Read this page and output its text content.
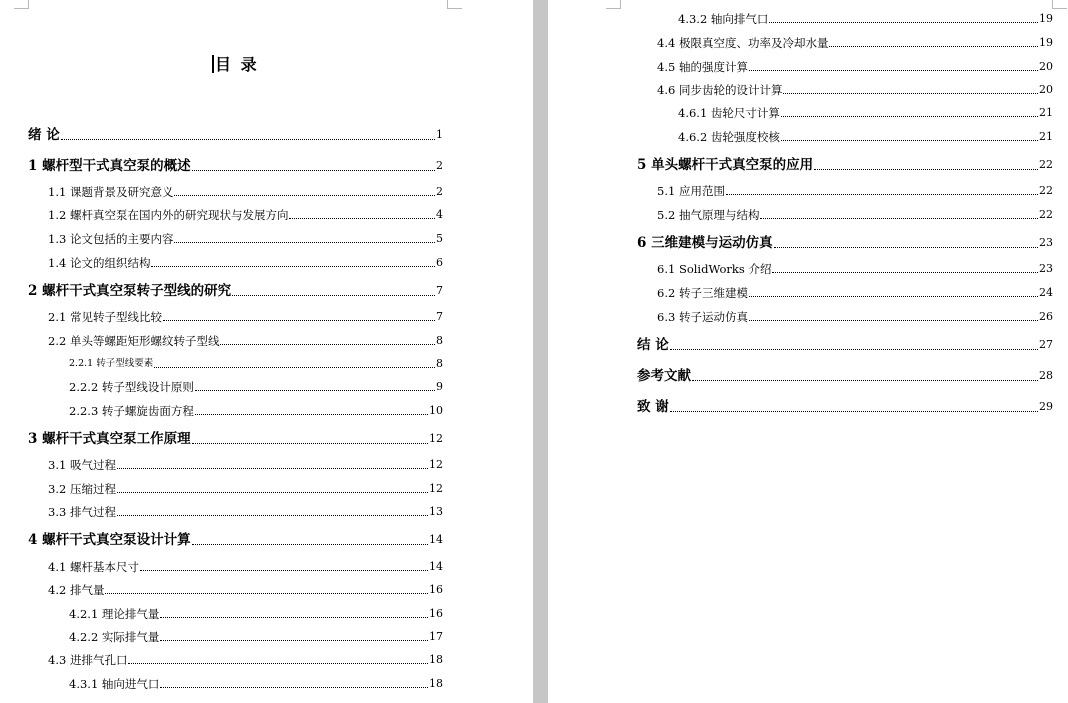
目 录
绪 论	1
1 螺杆型干式真空泵的概述	2
1.1 课题背景及研究意义	2
1.2 螺杆真空泵在国内外的研究现状与发展方向	4
1.3 论文包括的主要内容	5
1.4 论文的组织结构	6
2 螺杆干式真空泵转子型线的研究	7
2.1 常见转子型线比较	7
2.2 单头等螺距矩形螺纹转子型线	8
2.2.1 转子型线要素	8
2.2.2 转子型线设计原则	9
2.2.3 转子螺旋齿面方程	10
3 螺杆干式真空泵工作原理	12
3.1 吸气过程	12
3.2 压缩过程	12
3.3 排气过程	13
4 螺杆干式真空泵设计计算	14
4.1 螺杆基本尺寸	14
4.2 排气量	16
4.2.1 理论排气量	16
4.2.2 实际排气量	17
4.3 进排气孔口	18
4.3.1 轴向进气口	18
4.3.2 轴向排气口	19
4.4 极限真空度、功率及冷却水量	19
4.5 轴的强度计算	20
4.6 同步齿轮的设计计算	20
4.6.1 齿轮尺寸计算	21
4.6.2 齿轮强度校核	21
5 单头螺杆干式真空泵的应用	22
5.1 应用范围	22
5.2 抽气原理与结构	22
6 三维建模与运动仿真	23
6.1 SolidWorks 介绍	23
6.2 转子三维建模	24
6.3 转子运动仿真	26
结 论	27
参考文献	28
致 谢	29
